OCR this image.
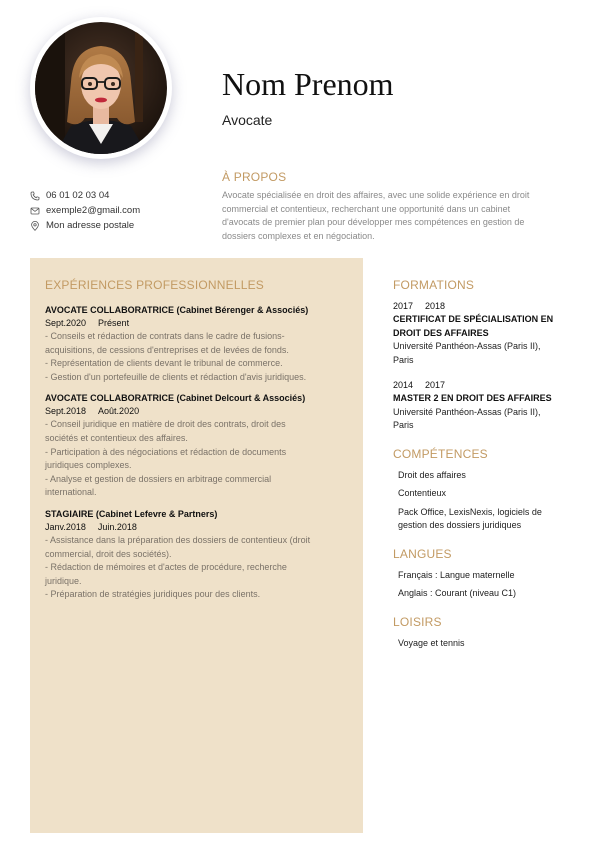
Nom Prenom
Avocate
06 01 02 03 04
exemple2@gmail.com
Mon adresse postale
À PROPOS
Avocate spécialisée en droit des affaires, avec une solide expérience en droit
commercial et contentieux, recherchant une opportunité dans un cabinet
d'avocats de premier plan pour développer mes compétences en gestion de
dossiers complexes et en négociation.
EXPÉRIENCES PROFESSIONNELLES
AVOCATE COLLABORATRICE (Cabinet Bérenger & Associés)
Sept.2020 Présent
- Conseils et rédaction de contrats dans le cadre de fusions-
acquisitions, de cessions d'entreprises et de levées de fonds.
- Représentation de clients devant le tribunal de commerce.
- Gestion d'un portefeuille de clients et rédaction d'avis juridiques.
AVOCATE COLLABORATRICE (Cabinet Delcourt & Associés)
Sept.2018 Août.2020
- Conseil juridique en matière de droit des contrats, droit des
sociétés et contentieux des affaires.
- Participation à des négociations et rédaction de documents
juridiques complexes.
- Analyse et gestion de dossiers en arbitrage commercial
international.
STAGIAIRE (Cabinet Lefevre & Partners)
Janv.2018 Juin.2018
- Assistance dans la préparation des dossiers de contentieux (droit
commercial, droit des sociétés).
- Rédaction de mémoires et d'actes de procédure, recherche
juridique.
- Préparation de stratégies juridiques pour des clients.
FORMATIONS
2017 2018
CERTIFICAT DE SPÉCIALISATION EN
DROIT DES AFFAIRES
Université Panthéon-Assas (Paris II),
Paris
2014 2017
MASTER 2 EN DROIT DES AFFAIRES
Université Panthéon-Assas (Paris II),
Paris
COMPÉTENCES
Droit des affaires
Contentieux
Pack Office, LexisNexis, logiciels de
gestion des dossiers juridiques
LANGUES
Français : Langue maternelle
Anglais : Courant (niveau C1)
LOISIRS
Voyage et tennis
